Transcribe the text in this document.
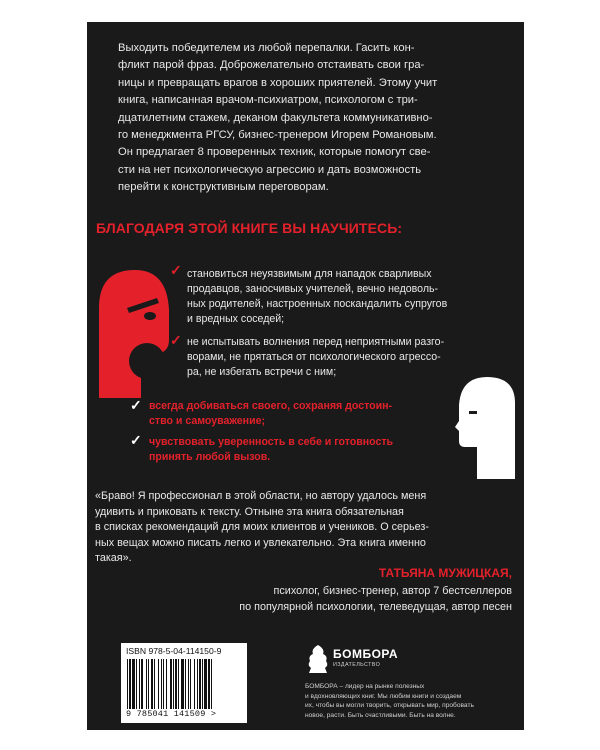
Выходить победителем из любой перепалки. Гасить кон-
фликт парой фраз. Доброжелательно отстаивать свои гра-
ницы и превращать врагов в хороших приятелей. Этому учит
книга, написанная врачом-психиатром, психологом с три-
дцатилетним стажем, деканом факультета коммуникативно-
го менеджмента РГСУ, бизнес-тренером Игорем Романовым.
Он предлагает 8 проверенных техник, которые помогут све-
сти на нет психологическую агрессию и дать возможность
перейти к конструктивным переговорам.
БЛАГОДАРЯ ЭТОЙ КНИГЕ ВЫ НАУЧИТЕСЬ:
✓ становиться неуязвимым для нападок сварливых
продавцов, заносчивых учителей, вечно недоволь-
ных родителей, настроенных поскандалить супругов
и вредных соседей;
✓ не испытывать волнения перед неприятными разго-
ворами, не прятаться от психологического агрессо-
ра, не избегать встречи с ним;
✓ всегда добиваться своего, сохраняя достоин-
ство и самоуважение;
✓ чувствовать уверенность в себе и готовность
принять любой вызов.
«Браво! Я профессионал в этой области, но автору удалось меня
удивить и приковать к тексту. Отныне эта книга обязательная
в списках рекомендаций для моих клиентов и учеников. О серьез-
ных вещах можно писать легко и увлекательно. Эта книга именно
такая».
ТАТЬЯНА МУЖИЦКАЯ,
психолог, бизнес-тренер, автор 7 бестселлеров
по популярной психологии, телеведущая, автор песен
ISBN 978-5-04-114150-9
9 785041 141509 >
БОМБОРА
ИЗДАТЕЛЬСТВО
БОМБОРА – лидер на рынке полезных
и вдохновляющих книг. Мы любим книги и создаем
их, чтобы вы могли творить, открывать мир, пробовать
новое, расти. Быть счастливыми. Быть на волне.
